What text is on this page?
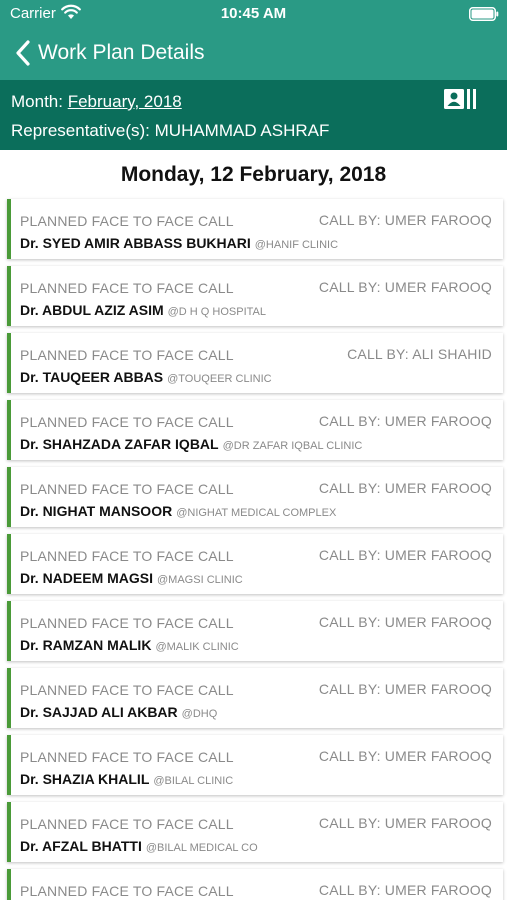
Carrier	10:45 AM
Work Plan Details
Month: February, 2018
Representative(s): MUHAMMAD ASHRAF
Monday, 12 February, 2018
PLANNED FACE TO FACE CALL	CALL BY: UMER FAROOQ
Dr. SYED AMIR ABBASS BUKHARI @HANIF CLINIC
PLANNED FACE TO FACE CALL	CALL BY: UMER FAROOQ
Dr. ABDUL AZIZ ASIM @D H Q HOSPITAL
PLANNED FACE TO FACE CALL	CALL BY: ALI SHAHID
Dr. TAUQEER ABBAS @TOUQEER CLINIC
PLANNED FACE TO FACE CALL	CALL BY: UMER FAROOQ
Dr. SHAHZADA ZAFAR IQBAL @DR ZAFAR IQBAL CLINIC
PLANNED FACE TO FACE CALL	CALL BY: UMER FAROOQ
Dr. NIGHAT MANSOOR @NIGHAT MEDICAL COMPLEX
PLANNED FACE TO FACE CALL	CALL BY: UMER FAROOQ
Dr. NADEEM MAGSI @MAGSI CLINIC
PLANNED FACE TO FACE CALL	CALL BY: UMER FAROOQ
Dr. RAMZAN MALIK @MALIK CLINIC
PLANNED FACE TO FACE CALL	CALL BY: UMER FAROOQ
Dr. SAJJAD ALI AKBAR @DHQ
PLANNED FACE TO FACE CALL	CALL BY: UMER FAROOQ
Dr. SHAZIA KHALIL @BILAL CLINIC
PLANNED FACE TO FACE CALL	CALL BY: UMER FAROOQ
Dr. AFZAL BHATTI @BILAL MEDICAL CO
PLANNED FACE TO FACE CALL	CALL BY: UMER FAROOQ
